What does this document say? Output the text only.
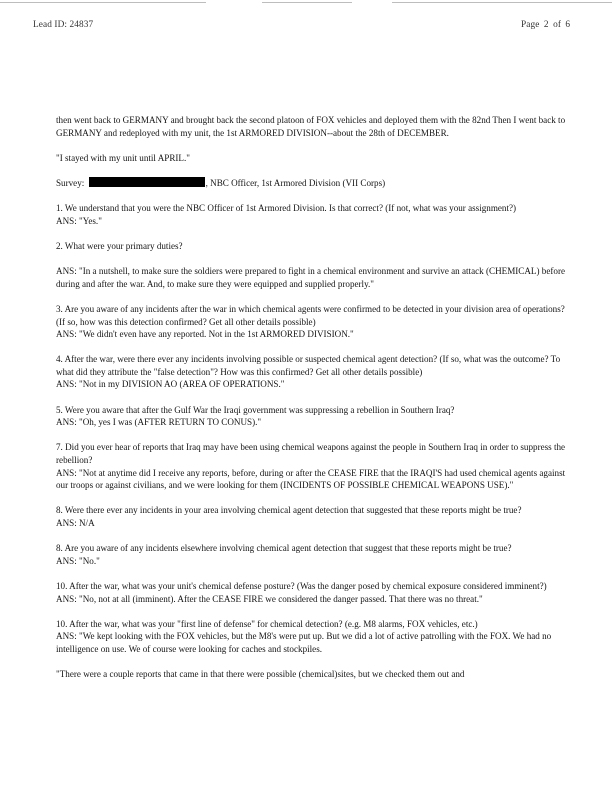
Lead ID: 24837	Page 2 of 6

then went back to GERMANY and brought back the second platoon of FOX vehicles and deployed them with the 82nd Then I went back to GERMANY and redeployed with my unit, the 1st ARMORED DIVISION--about the 28th of DECEMBER.

"I stayed with my unit until APRIL."

Survey:	, NBC Officer, 1st Armored Division (VII Corps)

1. We understand that you were the NBC Officer of 1st Armored Division. Is that correct? (If not, what was your assignment?)
ANS: "Yes."

2. What were your primary duties?

ANS: "In a nutshell, to make sure the soldiers were prepared to fight in a chemical environment and survive an attack (CHEMICAL) before during and after the war. And, to make sure they were equipped and supplied properly."

3. Are you aware of any incidents after the war in which chemical agents were confirmed to be detected in your division area of operations? (If so, how was this detection confirmed? Get all other details possible)
ANS: "We didn't even have any reported. Not in the 1st ARMORED DIVISION."

4. After the war, were there ever any incidents involving possible or suspected chemical agent detection? (If so, what was the outcome? To what did they attribute the "false detection"? How was this confirmed? Get all other details possible)
ANS: "Not in my DIVISION AO (AREA OF OPERATIONS."

5. Were you aware that after the Gulf War the Iraqi government was suppressing a rebellion in Southern Iraq?
ANS: "Oh, yes I was (AFTER RETURN TO CONUS)."

7. Did you ever hear of reports that Iraq may have been using chemical weapons against the people in Southern Iraq in order to suppress the rebellion?
ANS: "Not at anytime did I receive any reports, before, during or after the CEASE FIRE that the IRAQI'S had used chemical agents against our troops or against civilians, and we were looking for them (INCIDENTS OF POSSIBLE CHEMICAL WEAPONS USE)."

8. Were there ever any incidents in your area involving chemical agent detection that suggested that these reports might be true?
ANS: N/A

8. Are you aware of any incidents elsewhere involving chemical agent detection that suggest that these reports might be true?
ANS: "No."

10. After the war, what was your unit's chemical defense posture? (Was the danger posed by chemical exposure considered imminent?)
ANS: "No, not at all (imminent). After the CEASE FIRE we considered the danger passed. That there was no threat."

10. After the war, what was your "first line of defense" for chemical detection? (e.g. M8 alarms, FOX vehicles, etc.)
ANS: "We kept looking with the FOX vehicles, but the M8's were put up. But we did a lot of active patrolling with the FOX. We had no intelligence on use. We of course were looking for caches and stockpiles.

"There were a couple reports that came in that there were possible (chemical)sites, but we checked them out and
